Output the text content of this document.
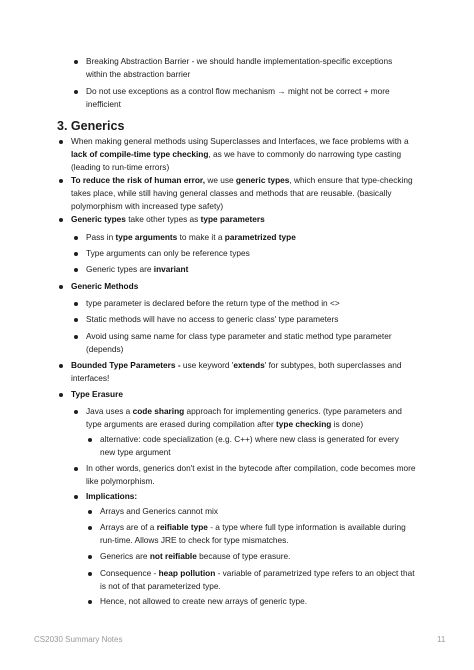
Breaking Abstraction Barrier - we should handle implementation-specific exceptions within the abstraction barrier
Do not use exceptions as a control flow mechanism → might not be correct + more inefficient
3. Generics
When making general methods using Superclasses and Interfaces, we face problems with a lack of compile-time type checking, as we have to commonly do narrowing type casting (leading to run-time errors)
To reduce the risk of human error, we use generic types, which ensure that type-checking takes place, while still having general classes and methods that are reusable. (basically polymorphism with increased type safety)
Generic types take other types as type parameters
Pass in type arguments to make it a parametrized type
Type arguments can only be reference types
Generic types are invariant
Generic Methods
type parameter is declared before the return type of the method in <>
Static methods will have no access to generic class' type parameters
Avoid using same name for class type parameter and static method type parameter (depends)
Bounded Type Parameters - use keyword 'extends' for subtypes, both superclasses and interfaces!
Type Erasure
Java uses a code sharing approach for implementing generics. (type parameters and type arguments are erased during compilation after type checking is done)
alternative: code specialization (e.g. C++) where new class is generated for every new type argument
In other words, generics don't exist in the bytecode after compilation, code becomes more like polymorphism.
Implications:
Arrays and Generics cannot mix
Arrays are of a reifiable type - a type where full type information is available during run-time. Allows JRE to check for type mismatches.
Generics are not reifiable because of type erasure.
Consequence - heap pollution - variable of parametrized type refers to an object that is not of that parameterized type.
Hence, not allowed to create new arrays of generic type.
CS2030 Summary Notes	11
